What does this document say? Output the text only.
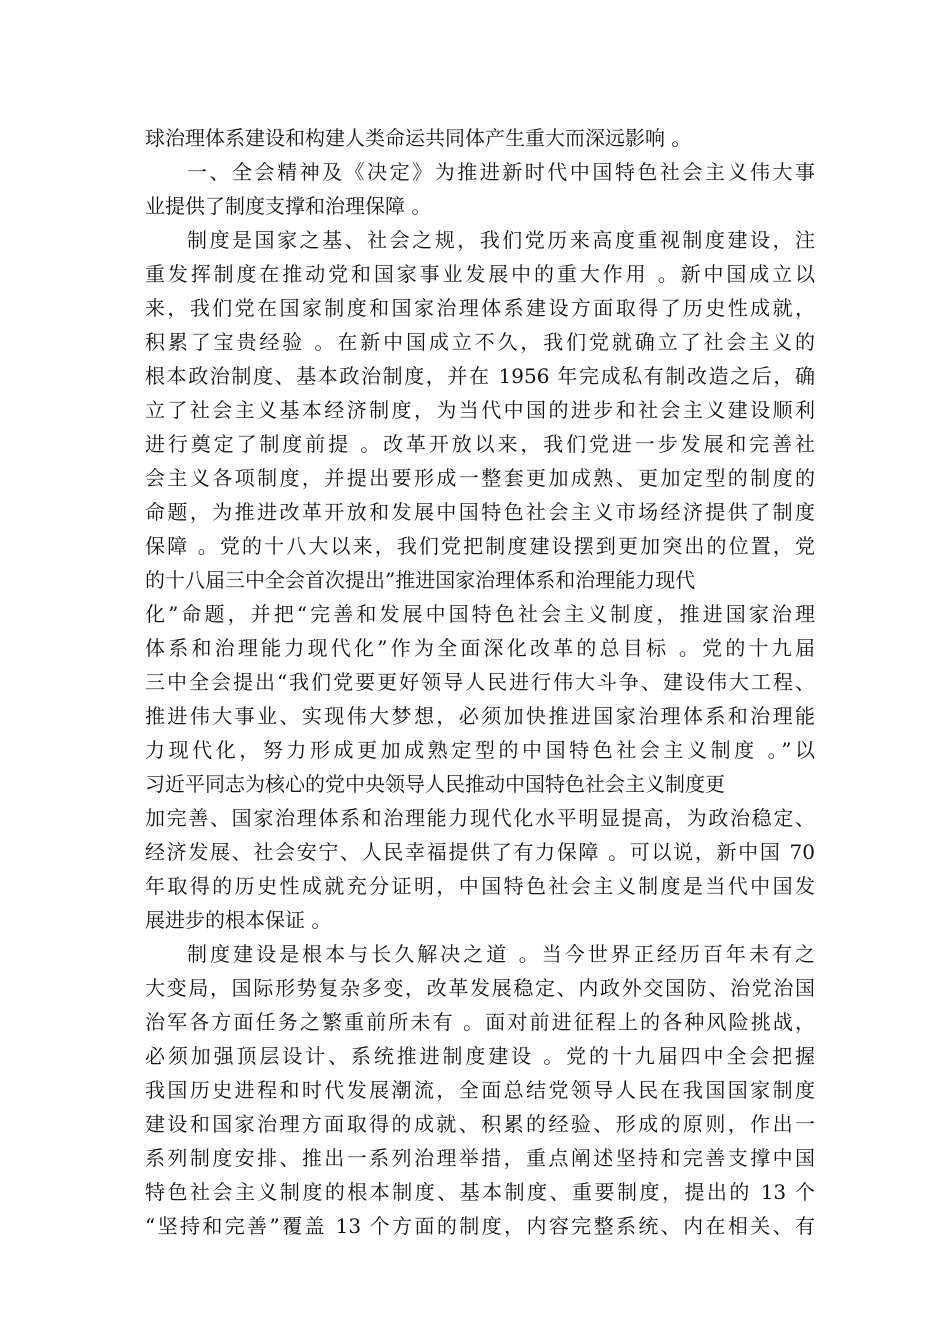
球治理体系建设和构建人类命运共同体产生重大而深远影响 。
一、全会精神及《决定》为推进新时代中国特色社会主义伟大事
业提供了制度支撑和治理保障 。
制度是国家之基、社会之规，我们党历来高度重视制度建设，注
重发挥制度在推动党和国家事业发展中的重大作用 。新中国成立以
来，我们党在国家制度和国家治理体系建设方面取得了历史性成就，
积累了宝贵经验 。在新中国成立不久，我们党就确立了社会主义的
根本政治制度、基本政治制度，并在 1956 年完成私有制改造之后，确
立了社会主义基本经济制度，为当代中国的进步和社会主义建设顺利
进行奠定了制度前提 。改革开放以来，我们党进一步发展和完善社
会主义各项制度，并提出要形成一整套更加成熟、更加定型的制度的
命题，为推进改革开放和发展中国特色社会主义市场经济提供了制度
保障 。党的十八大以来，我们党把制度建设摆到更加突出的位置，党
的十八届三中全会首次提出”推进国家治理体系和治理能力现代
化”命题，并把“完善和发展中国特色社会主义制度，推进国家治理
体系和治理能力现代化”作为全面深化改革的总目标 。党的十九届
三中全会提出“我们党要更好领导人民进行伟大斗争、建设伟大工程、
推进伟大事业、实现伟大梦想，必须加快推进国家治理体系和治理能
力现代化，努力形成更加成熟定型的中国特色社会主义制度 。”以
习近平同志为核心的党中央领导人民推动中国特色社会主义制度更
加完善、国家治理体系和治理能力现代化水平明显提高，为政治稳定、
经济发展、社会安宁、人民幸福提供了有力保障 。可以说，新中国 70
年取得的历史性成就充分证明，中国特色社会主义制度是当代中国发
展进步的根本保证 。
制度建设是根本与长久解决之道 。当今世界正经历百年未有之
大变局，国际形势复杂多变，改革发展稳定、内政外交国防、治党治国
治军各方面任务之繁重前所未有 。面对前进征程上的各种风险挑战，
必须加强顶层设计、系统推进制度建设 。党的十九届四中全会把握
我国历史进程和时代发展潮流，全面总结党领导人民在我国国家制度
建设和国家治理方面取得的成就、积累的经验、形成的原则，作出一
系列制度安排、推出一系列治理举措，重点阐述坚持和完善支撑中国
特色社会主义制度的根本制度、基本制度、重要制度，提出的 13 个
“坚持和完善”覆盖 13 个方面的制度，内容完整系统、内在相关、有
